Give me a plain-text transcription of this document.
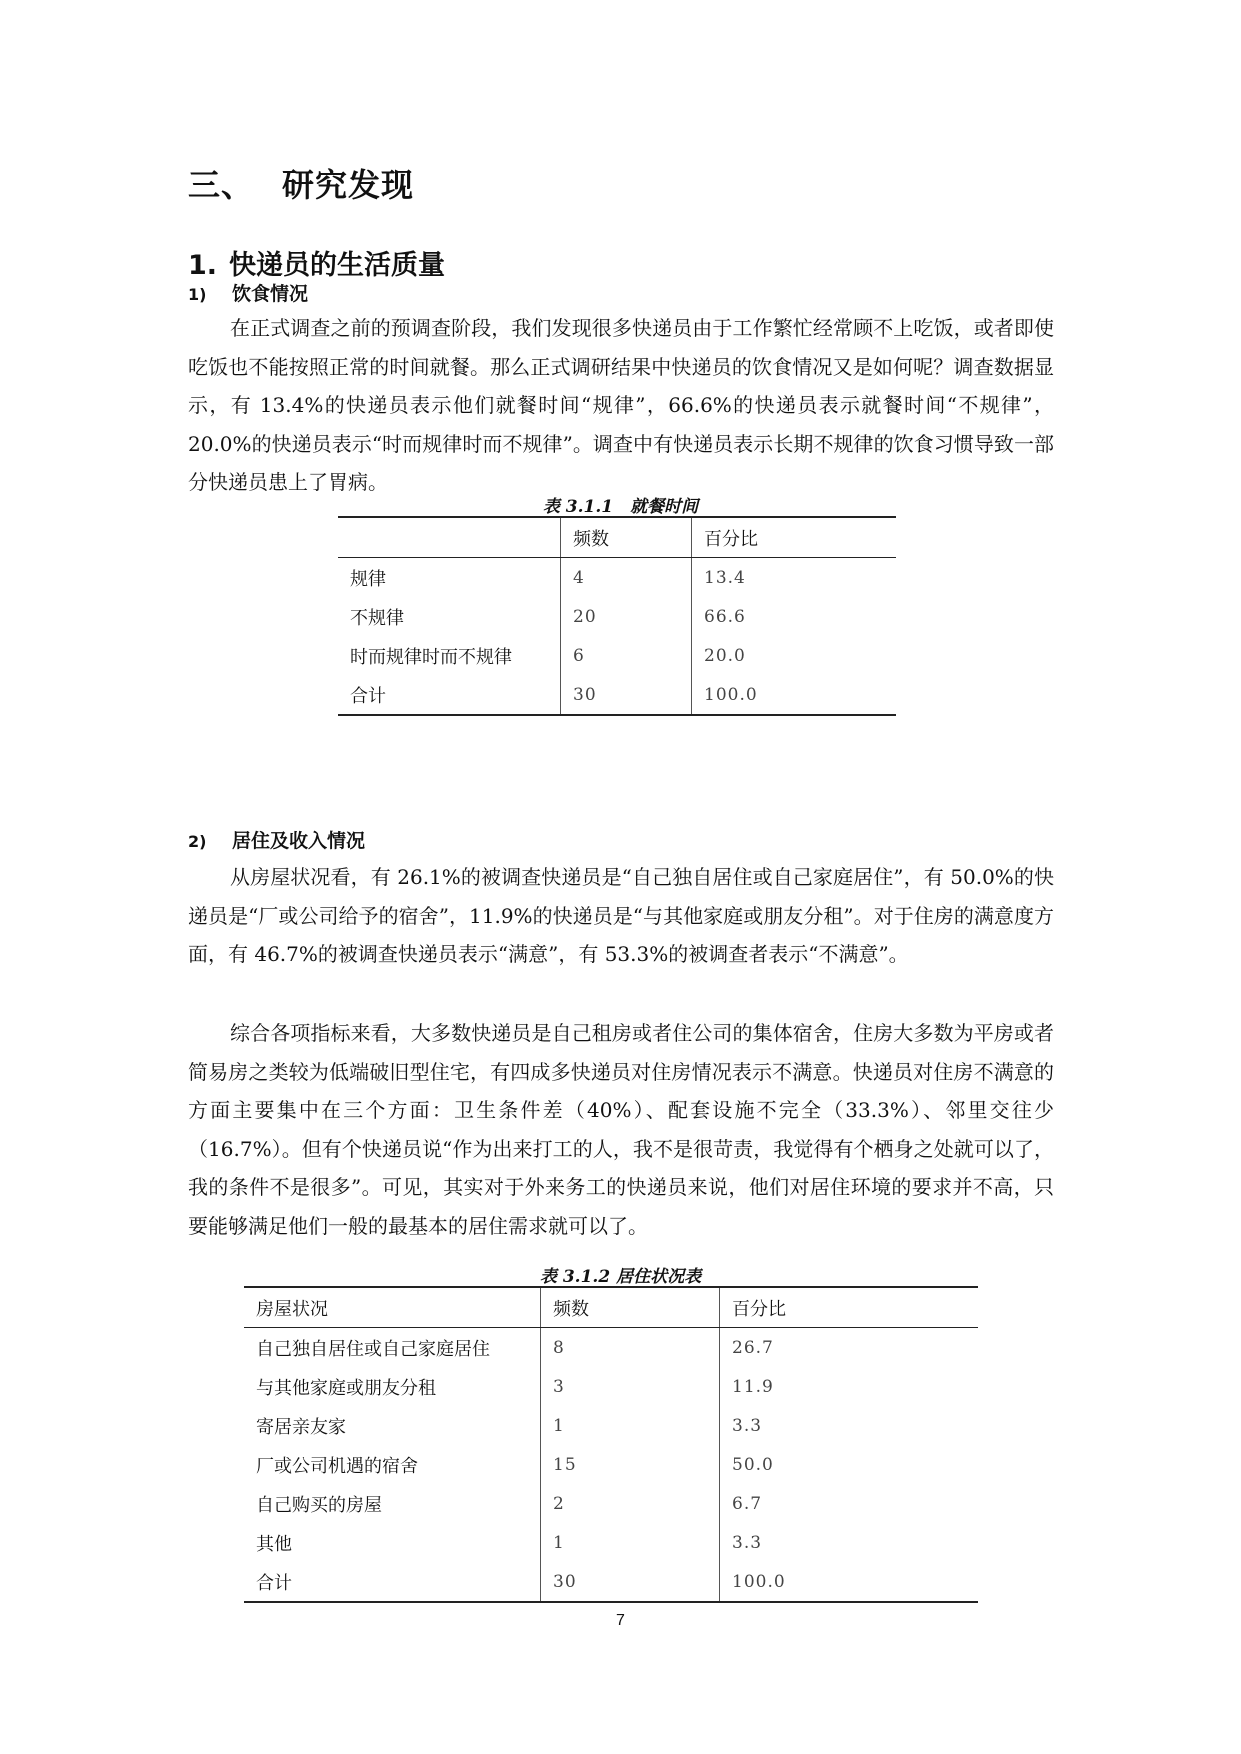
三、 研究发现
1. 快递员的生活质量
1) 饮食情况

在正式调查之前的预调查阶段，我们发现很多快递员由于工作繁忙经常顾不上吃饭，或者即使吃饭也不能按照正常的时间就餐。那么正式调研结果中快递员的饮食情况又是如何呢？调查数据显示，有 13.4%的快递员表示他们就餐时间“规律”，66.6%的快递员表示就餐时间“不规律”，20.0%的快递员表示“时而规律时而不规律”。调查中有快递员表示长期不规律的饮食习惯导致一部分快递员患上了胃病。

表 3.1.1　就餐时间
	频数	百分比
规律	4	13.4
不规律	20	66.6
时而规律时而不规律	6	20.0
合计	30	100.0
2) 居住及收入情况

从房屋状况看，有 26.1%的被调查快递员是“自己独自居住或自己家庭居住”，有 50.0%的快递员是“厂或公司给予的宿舍”，11.9%的快递员是“与其他家庭或朋友分租”。对于住房的满意度方面，有 46.7%的被调查快递员表示“满意”，有 53.3%的被调查者表示“不满意”。

综合各项指标来看，大多数快递员是自己租房或者住公司的集体宿舍，住房大多数为平房或者简易房之类较为低端破旧型住宅，有四成多快递员对住房情况表示不满意。快递员对住房不满意的方面主要集中在三个方面：卫生条件差（40%）、配套设施不完全（33.3%）、邻里交往少（16.7%）。但有个快递员说“作为出来打工的人，我不是很苛责，我觉得有个栖身之处就可以了，我的条件不是很多”。可见，其实对于外来务工的快递员来说，他们对居住环境的要求并不高，只要能够满足他们一般的最基本的居住需求就可以了。

表 3.1.2 居住状况表
房屋状况	频数	百分比
自己独自居住或自己家庭居住	8	26.7
与其他家庭或朋友分租	3	11.9
寄居亲友家	1	3.3
厂或公司机遇的宿舍	15	50.0
自己购买的房屋	2	6.7
其他	1	3.3
合计	30	100.0
7
